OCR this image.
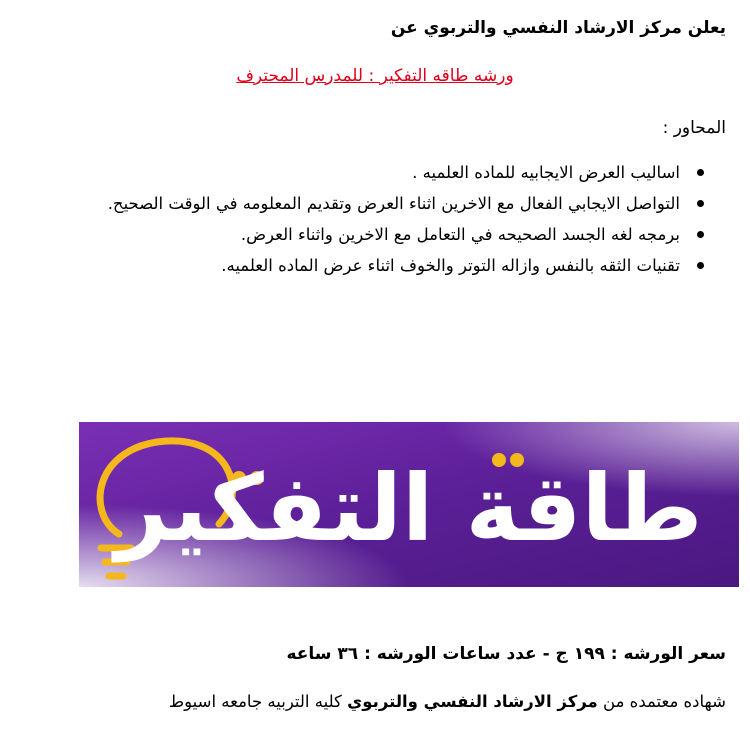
يعلن مركز الارشاد النفسي والتربوي عن
ورشه طاقه التفكير : للمدرس المحترف
المحاور :
اساليب العرض الايجابيه للماده العلميه .
التواصل الايجابي الفعال مع الاخرين اثناء العرض وتقديم المعلومه في الوقت الصحيح.
برمجه لغه الجسد الصحيحه في التعامل مع الاخرين واثناء العرض.
تقنيات الثقه بالنفس وازاله التوتر والخوف اثناء عرض الماده العلميه.
طاقة التفكير
سعر الورشه : ١٩٩ ج - عدد ساعات الورشه : ٣٦ ساعه
شهاده معتمده من مركز الارشاد النفسي والتربوي كليه التربيه جامعه اسيوط
